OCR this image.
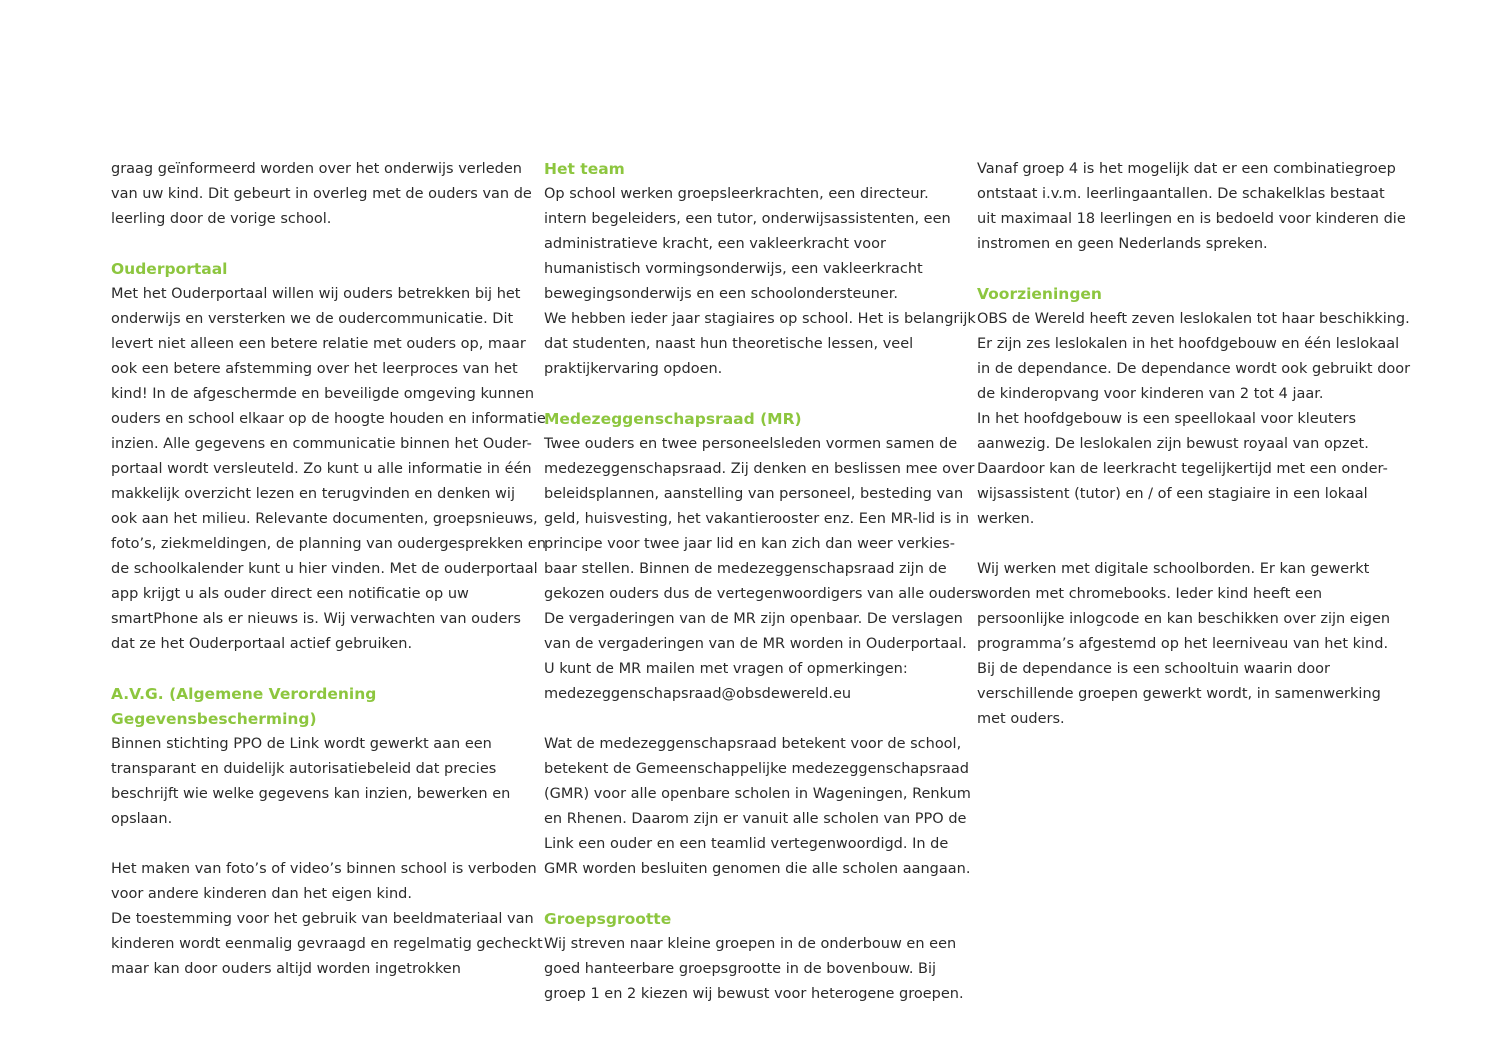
graag geïnformeerd worden over het onderwijs verleden
van uw kind. Dit gebeurt in overleg met de ouders van de
leerling door de vorige school.
Ouderportaal
Met het Ouderportaal willen wij ouders betrekken bij het
onderwijs en versterken we de oudercommunicatie. Dit
levert niet alleen een betere relatie met ouders op, maar
ook een betere afstemming over het leerproces van het
kind! In de afgeschermde en beveiligde omgeving kunnen
ouders en school elkaar op de hoogte houden en informatie
inzien. Alle gegevens en communicatie binnen het Ouder-
portaal wordt versleuteld. Zo kunt u alle informatie in één
makkelijk overzicht lezen en terugvinden en denken wij
ook aan het milieu. Relevante documenten, groepsnieuws,
foto’s, ziekmeldingen, de planning van oudergesprekken en
de schoolkalender kunt u hier vinden. Met de ouderportaal
app krijgt u als ouder direct een notificatie op uw
smartPhone als er nieuws is. Wij verwachten van ouders
dat ze het Ouderportaal actief gebruiken.
A.V.G. (Algemene Verordening
Gegevensbescherming)
Binnen stichting PPO de Link wordt gewerkt aan een
transparant en duidelijk autorisatiebeleid dat precies
beschrijft wie welke gegevens kan inzien, bewerken en
opslaan.
Het maken van foto’s of video’s binnen school is verboden
voor andere kinderen dan het eigen kind.
De toestemming voor het gebruik van beeldmateriaal van
kinderen wordt eenmalig gevraagd en regelmatig gecheckt
maar kan door ouders altijd worden ingetrokken
Het team
Op school werken groepsleerkrachten, een directeur.
intern begeleiders, een tutor, onderwijsassistenten, een
administratieve kracht, een vakleerkracht voor
humanistisch vormingsonderwijs, een vakleerkracht
bewegingsonderwijs en een schoolondersteuner.
We hebben ieder jaar stagiaires op school. Het is belangrijk
dat studenten, naast hun theoretische lessen, veel
praktijkervaring opdoen.
Medezeggenschapsraad (MR)
Twee ouders en twee personeelsleden vormen samen de
medezeggenschapsraad. Zij denken en beslissen mee over
beleidsplannen, aanstelling van personeel, besteding van
geld, huisvesting, het vakantierooster enz. Een MR-lid is in
principe voor twee jaar lid en kan zich dan weer verkies-
baar stellen. Binnen de medezeggenschapsraad zijn de
gekozen ouders dus de vertegenwoordigers van alle ouders.
De vergaderingen van de MR zijn openbaar. De verslagen
van de vergaderingen van de MR worden in Ouderportaal.
U kunt de MR mailen met vragen of opmerkingen:
medezeggenschapsraad@obsdewereld.eu
Wat de medezeggenschapsraad betekent voor de school,
betekent de Gemeenschappelijke medezeggenschapsraad
(GMR) voor alle openbare scholen in Wageningen, Renkum
en Rhenen. Daarom zijn er vanuit alle scholen van PPO de
Link een ouder en een teamlid vertegenwoordigd. In de
GMR worden besluiten genomen die alle scholen aangaan.
Groepsgrootte
Wij streven naar kleine groepen in de onderbouw en een
goed hanteerbare groepsgrootte in de bovenbouw. Bij
groep 1 en 2 kiezen wij bewust voor heterogene groepen.
Vanaf groep 4 is het mogelijk dat er een combinatiegroep
ontstaat i.v.m. leerlingaantallen. De schakelklas bestaat
uit maximaal 18 leerlingen en is bedoeld voor kinderen die
instromen en geen Nederlands spreken.
Voorzieningen
OBS de Wereld heeft zeven leslokalen tot haar beschikking.
Er zijn zes leslokalen in het hoofdgebouw en één leslokaal
in de dependance. De dependance wordt ook gebruikt door
de kinderopvang voor kinderen van 2 tot 4 jaar.
In het hoofdgebouw is een speellokaal voor kleuters
aanwezig. De leslokalen zijn bewust royaal van opzet.
Daardoor kan de leerkracht tegelijkertijd met een onder-
wijsassistent (tutor) en / of een stagiaire in een lokaal
werken.
Wij werken met digitale schoolborden. Er kan gewerkt
worden met chromebooks. Ieder kind heeft een
persoonlijke inlogcode en kan beschikken over zijn eigen
programma’s afgestemd op het leerniveau van het kind.
Bij de dependance is een schooltuin waarin door
verschillende groepen gewerkt wordt, in samenwerking
met ouders.
